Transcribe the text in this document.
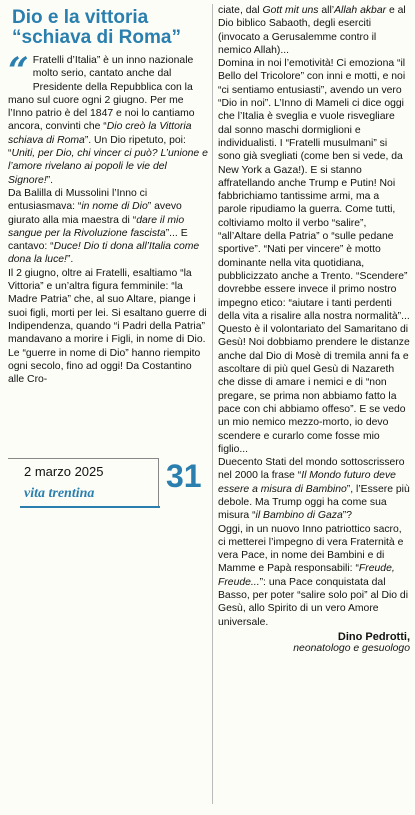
Dio e la vittoria
“schiava di Roma”
“ Fratelli d’Italia” è un inno nazionale molto serio, cantato anche dal Presidente della Repubblica con la mano sul cuore ogni 2 giugno. Per me l’Inno patrio è del 1847 e noi lo cantiamo ancora, convinti che “Dio creò la Vittoria schiava di Roma”. Un Dio ripetuto, poi: “Uniti, per Dio, chi vincer ci può? L’unione e l’amore rivelano ai popoli le vie del Signore!”.
Da Balilla di Mussolini l’Inno ci entusiasmava: “in nome di Dio” avevo giurato alla mia maestra di “dare il mio sangue per la Rivoluzione fascista”... E cantavo: “Duce! Dio ti dona all’Italia come dona la luce!”.
Il 2 giugno, oltre ai Fratelli, esaltiamo “la Vittoria” e un’altra figura femminile: “la Madre Patria” che, al suo Altare, piange i suoi figli, morti per lei. Si esaltano guerre di Indipendenza, quando “i Padri della Patria” mandavano a morire i Figli, in nome di Dio. Le “guerre in nome di Dio” hanno riempito ogni secolo, fino ad oggi! Da Costantino alle Cro-
ciate, dal Gott mit uns all’Allah akbar e al Dio biblico Sabaoth, degli eserciti (invocato a Gerusalemme contro il nemico Allah)...
Domina in noi l’emotività! Ci emoziona “il Bello del Tricolore” con inni e motti, e noi “ci sentiamo entusiasti”, avendo un vero “Dio in noi”. L’Inno di Mameli ci dice oggi che l’Italia è sveglia e vuole risvegliare dal sonno maschi dormiglioni e individualisti. I “Fratelli musulmani” si sono già svegliati (come ben si vede, da New York a Gaza!). E si stanno affratellando anche Trump e Putin! Noi fabbrichiamo tantissime armi, ma a parole ripudiamo la guerra. Come tutti, coltiviamo molto il verbo “salire”, “all’Altare della Patria” o “sulle pedane sportive”. “Nati per vincere” è motto dominante nella vita quotidiana, pubblicizzato anche a Trento. “Scendere” dovrebbe essere invece il primo nostro impegno etico: “aiutare i tanti perdenti della vita a risalire alla nostra normalità”... Questo è il volontariato del Samaritano di Gesù! Noi dobbiamo prendere le distanze anche dal Dio di Mosè di tremila anni fa e ascoltare di più quel Gesù di Nazareth che disse di amare i nemici e di “non pregare, se prima non abbiamo fatto la pace con chi abbiamo offeso”. E se vedo un mio nemico mezzo-morto, io devo scendere e curarlo come fosse mio figlio...
Duecento Stati del mondo sottoscrissero nel 2000 la frase “Il Mondo futuro deve essere a misura di Bambino”, l’Essere più debole. Ma Trump oggi ha come sua misura “il Bambino di Gaza”?
Oggi, in un nuovo Inno patriottico sacro, ci metterei l’impegno di vera Fraternità e vera Pace, in nome dei Bambini e di Mamme e Papà responsabili: “Freude, Freude...”: una Pace conquistata dal Basso, per poter “salire solo poi” al Dio di Gesù, allo Spirito di un vero Amore universale.
Dino Pedrotti,
neonatologo e gesuologo
2 marzo 2025
vita trentina 31
